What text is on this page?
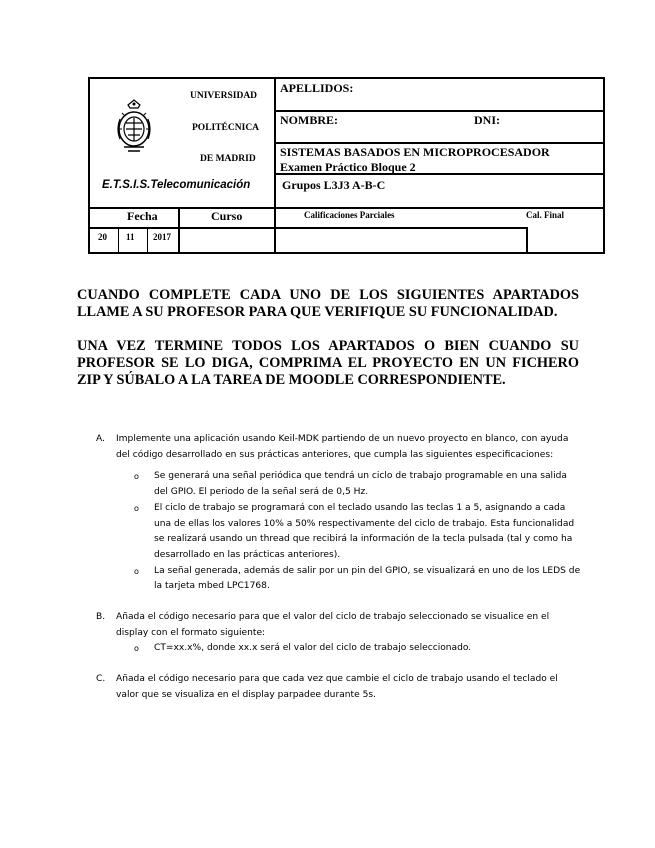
UNIVERSIDAD
POLITÉCNICA
DE MADRID
E.T.S.I.S.Telecomunicación
APELLIDOS:
NOMBRE:	DNI:
SISTEMAS BASADOS EN MICROPROCESADOR
Examen Práctico Bloque 2
Grupos L3J3 A-B-C
Fecha	Curso	Calificaciones Parciales	Cal. Final
20 11 2017

CUANDO COMPLETE CADA UNO DE LOS SIGUIENTES APARTADOS LLAME A SU PROFESOR PARA QUE VERIFIQUE SU FUNCIONALIDAD.

UNA VEZ TERMINE TODOS LOS APARTADOS O BIEN CUANDO SU PROFESOR SE LO DIGA, COMPRIMA EL PROYECTO EN UN FICHERO ZIP Y SÚBALO A LA TAREA DE MOODLE CORRESPONDIENTE.

A. Implemente una aplicación usando Keil-MDK partiendo de un nuevo proyecto en blanco, con ayuda del código desarrollado en sus prácticas anteriores, que cumpla las siguientes especificaciones:
o Se generará una señal periódica que tendrá un ciclo de trabajo programable en una salida del GPIO. El periodo de la señal será de 0,5 Hz.
o El ciclo de trabajo se programará con el teclado usando las teclas 1 a 5, asignando a cada una de ellas los valores 10% a 50% respectivamente del ciclo de trabajo. Esta funcionalidad se realizará usando un thread que recibirá la información de la tecla pulsada (tal y como ha desarrollado en las prácticas anteriores).
o La señal generada, además de salir por un pin del GPIO, se visualizará en uno de los LEDS de la tarjeta mbed LPC1768.
B. Añada el código necesario para que el valor del ciclo de trabajo seleccionado se visualice en el display con el formato siguiente:
o CT=xx.x%, donde xx.x será el valor del ciclo de trabajo seleccionado.
C. Añada el código necesario para que cada vez que cambie el ciclo de trabajo usando el teclado el valor que se visualiza en el display parpadee durante 5s.
